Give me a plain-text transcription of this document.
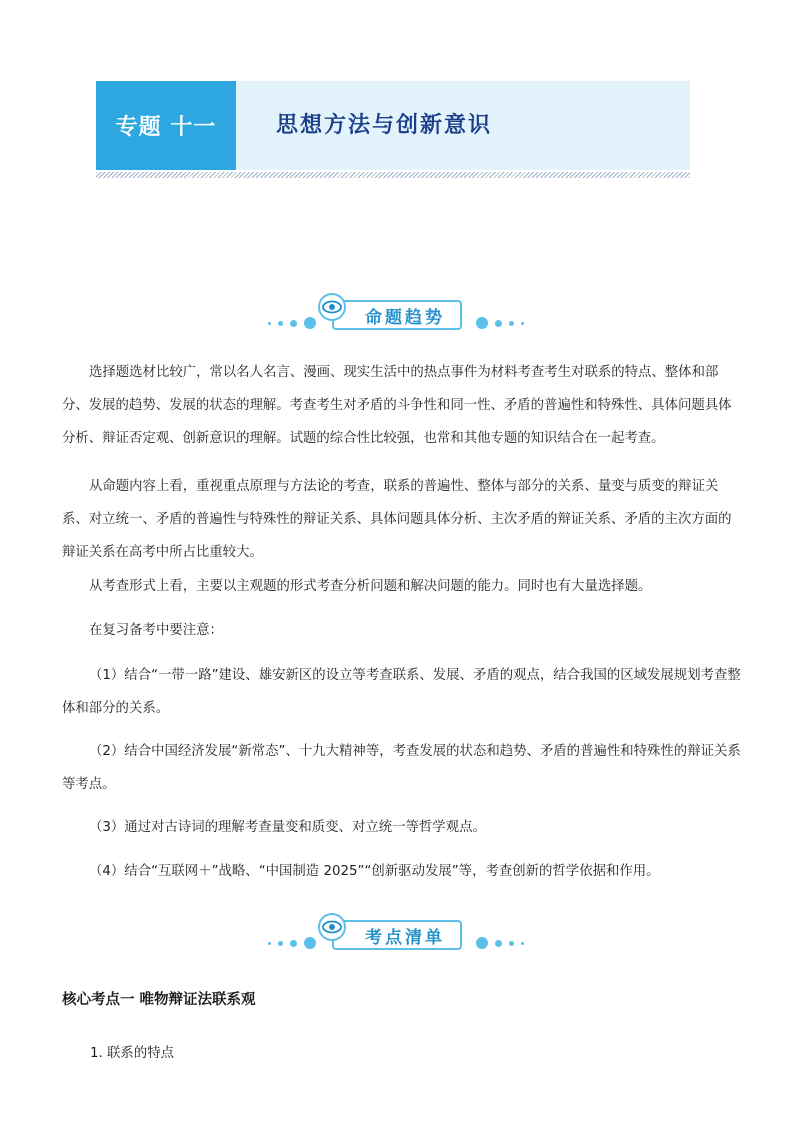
专题 十一	思想方法与创新意识
命题趋势

选择题选材比较广，常以名人名言、漫画、现实生活中的热点事件为材料考查考生对联系的特点、整体和部分、发展的趋势、发展的状态的理解。考查考生对矛盾的斗争性和同一性、矛盾的普遍性和特殊性、具体问题具体分析、辩证否定观、创新意识的理解。试题的综合性比较强，也常和其他专题的知识结合在一起考查。

从命题内容上看，重视重点原理与方法论的考查，联系的普遍性、整体与部分的关系、量变与质变的辩证关系、对立统一、矛盾的普遍性与特殊性的辩证关系、具体问题具体分析、主次矛盾的辩证关系、矛盾的主次方面的辩证关系在高考中所占比重较大。

从考查形式上看，主要以主观题的形式考查分析问题和解决问题的能力。同时也有大量选择题。

在复习备考中要注意：

（1）结合“一带一路”建设、雄安新区的设立等考查联系、发展、矛盾的观点，结合我国的区域发展规划考查整体和部分的关系。

（2）结合中国经济发展“新常态”、十九大精神等，考查发展的状态和趋势、矛盾的普遍性和特殊性的辩证关系等考点。

（3）通过对古诗词的理解考查量变和质变、对立统一等哲学观点。

（4）结合“互联网＋”战略、“中国制造 2025”“创新驱动发展”等，考查创新的哲学依据和作用。

考点清单

核心考点一 唯物辩证法联系观

1. 联系的特点
